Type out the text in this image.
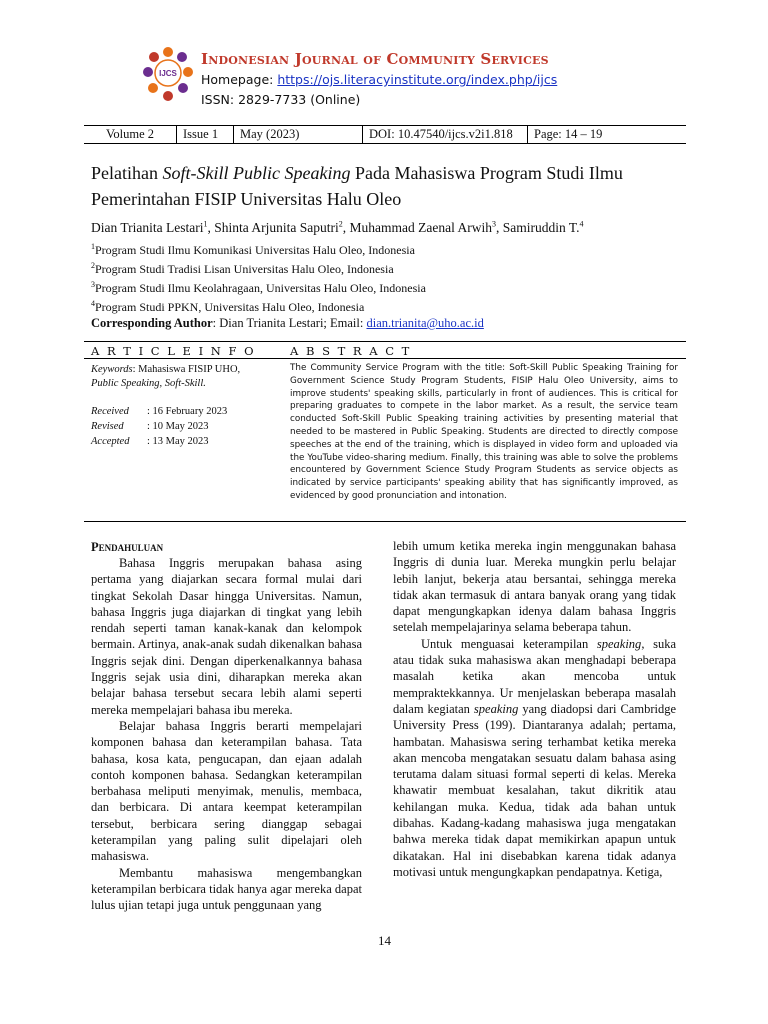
IJCS
Indonesian Journal of Community Services
Homepage: https://ojs.literacyinstitute.org/index.php/ijcs
ISSN: 2829-7733 (Online)
Volume 2	Issue 1	May (2023)	DOI: 10.47540/ijcs.v2i1.818	Page: 14 – 19
Pelatihan Soft-Skill Public Speaking Pada Mahasiswa Program Studi Ilmu Pemerintahan FISIP Universitas Halu Oleo
Dian Trianita Lestari$^1$, Shinta Arjunita Saputri$^2$, Muhammad Zaenal Arwih$^3$, Samiruddin T.$^4$
$^1$Program Studi Ilmu Komunikasi Universitas Halu Oleo, Indonesia
$^2$Program Studi Tradisi Lisan Universitas Halu Oleo, Indonesia
$^3$Program Studi Ilmu Keolahragaan, Universitas Halu Oleo, Indonesia
$^4$Program Studi PPKN, Universitas Halu Oleo, Indonesia
Corresponding Author: Dian Trianita Lestari; Email: dian.trianita@uho.ac.id
A R T I C L E I N F O	A B S T R A C T
Keywords: Mahasiswa FISIP UHO,
Public Speaking, Soft-Skill.
Received : 16 February 2023
Revised : 10 May 2023
Accepted : 13 May 2023
The Community Service Program with the title: Soft-Skill Public Speaking Training for Government Science Study Program Students, FISIP Halu Oleo University, aims to improve students' speaking skills, particularly in front of audiences. This is critical for preparing graduates to compete in the labor market. As a result, the service team conducted Soft-Skill Public Speaking training activities by presenting material that needed to be mastered in Public Speaking. Students are directed to directly compose speeches at the end of the training, which is displayed in video form and uploaded via the YouTube video-sharing medium. Finally, this training was able to solve the problems encountered by Government Science Study Program Students as service objects as indicated by service participants' speaking ability that has significantly improved, as evidenced by good pronunciation and intonation.
Pendahuluan

Bahasa Inggris merupakan bahasa asing pertama yang diajarkan secara formal mulai dari tingkat Sekolah Dasar hingga Universitas. Namun, bahasa Inggris juga diajarkan di tingkat yang lebih rendah seperti taman kanak-kanak dan kelompok bermain. Artinya, anak-anak sudah dikenalkan bahasa Inggris sejak dini. Dengan diperkenalkannya bahasa Inggris sejak usia dini, diharapkan mereka akan belajar bahasa tersebut secara lebih alami seperti mereka mempelajari bahasa ibu mereka.

Belajar bahasa Inggris berarti mempelajari komponen bahasa dan keterampilan bahasa. Tata bahasa, kosa kata, pengucapan, dan ejaan adalah contoh komponen bahasa. Sedangkan keterampilan berbahasa meliputi menyimak, menulis, membaca, dan berbicara. Di antara keempat keterampilan tersebut, berbicara sering dianggap sebagai keterampilan yang paling sulit dipelajari oleh mahasiswa.

Membantu mahasiswa mengembangkan keterampilan berbicara tidak hanya agar mereka dapat lulus ujian tetapi juga untuk penggunaan yang

lebih umum ketika mereka ingin menggunakan bahasa Inggris di dunia luar. Mereka mungkin perlu belajar lebih lanjut, bekerja atau bersantai, sehingga mereka tidak akan termasuk di antara banyak orang yang tidak dapat mengungkapkan idenya dalam bahasa Inggris setelah mempelajarinya selama beberapa tahun.

Untuk menguasai keterampilan speaking, suka atau tidak suka mahasiswa akan menghadapi beberapa masalah ketika akan mencoba untuk mempraktekkannya. Ur menjelaskan beberapa masalah dalam kegiatan speaking yang diadopsi dari Cambridge University Press (199). Diantaranya adalah; pertama, hambatan. Mahasiswa sering terhambat ketika mereka akan mencoba mengatakan sesuatu dalam bahasa asing terutama dalam situasi formal seperti di kelas. Mereka khawatir membuat kesalahan, takut dikritik atau kehilangan muka. Kedua, tidak ada bahan untuk dibahas. Kadang-kadang mahasiswa juga mengatakan bahwa mereka tidak dapat memikirkan apapun untuk dikatakan. Hal ini disebabkan karena tidak adanya motivasi untuk mengungkapkan pendapatnya. Ketiga,

14
